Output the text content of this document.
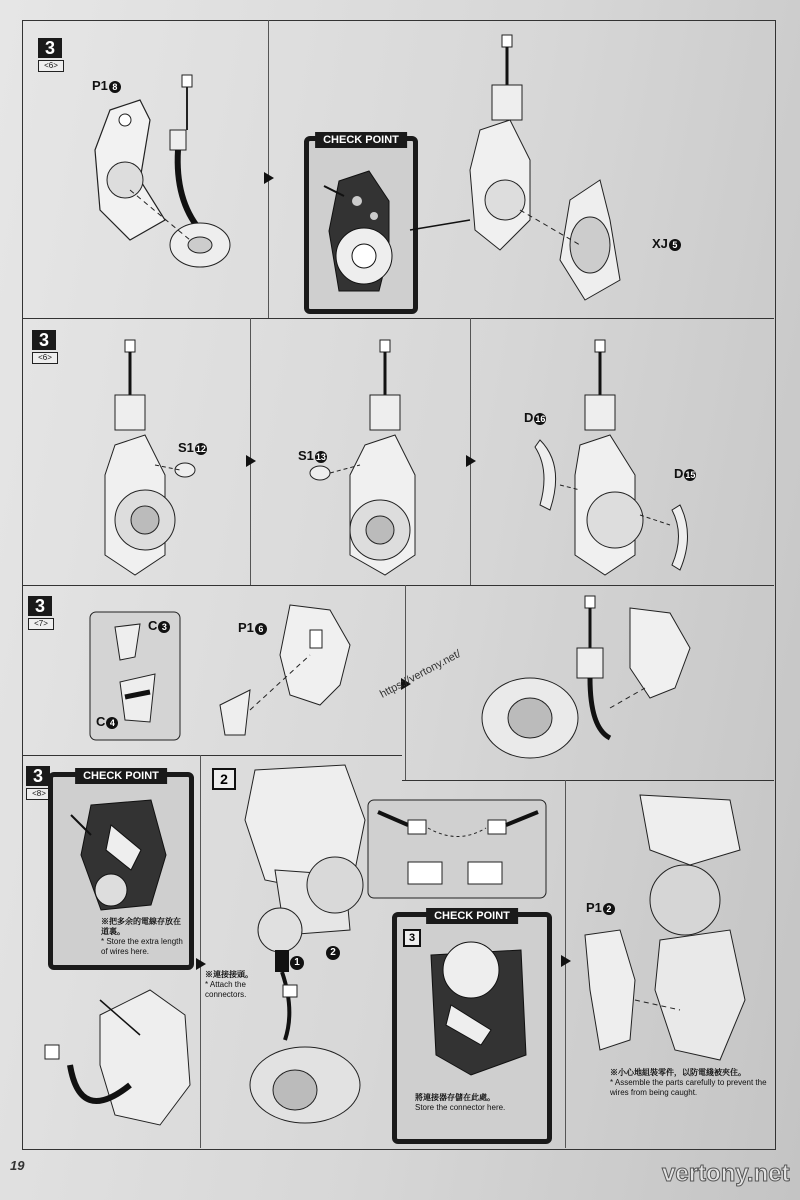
3
<6>
P1 8
CHECK POINT
XJ 5
3
<6>
S1 12	S1 13
D 16
D 15
3
<7>	C 3
C 4
P1 6
https://vertony.net/
3
<8>
CHECK POINT
※把多余的電線存放在道裏。
* Store the extra length of wires here.
2
※連接接頭。
* Attach the connectors.
1
2
CHECK POINT
3
將連接器存儲在此處。
Store the connector here.
P1 2
※小心地組裝零件，以防電綫被夾住。
* Assemble the parts carefully to prevent the wires from being caught.
19	vertony.net
